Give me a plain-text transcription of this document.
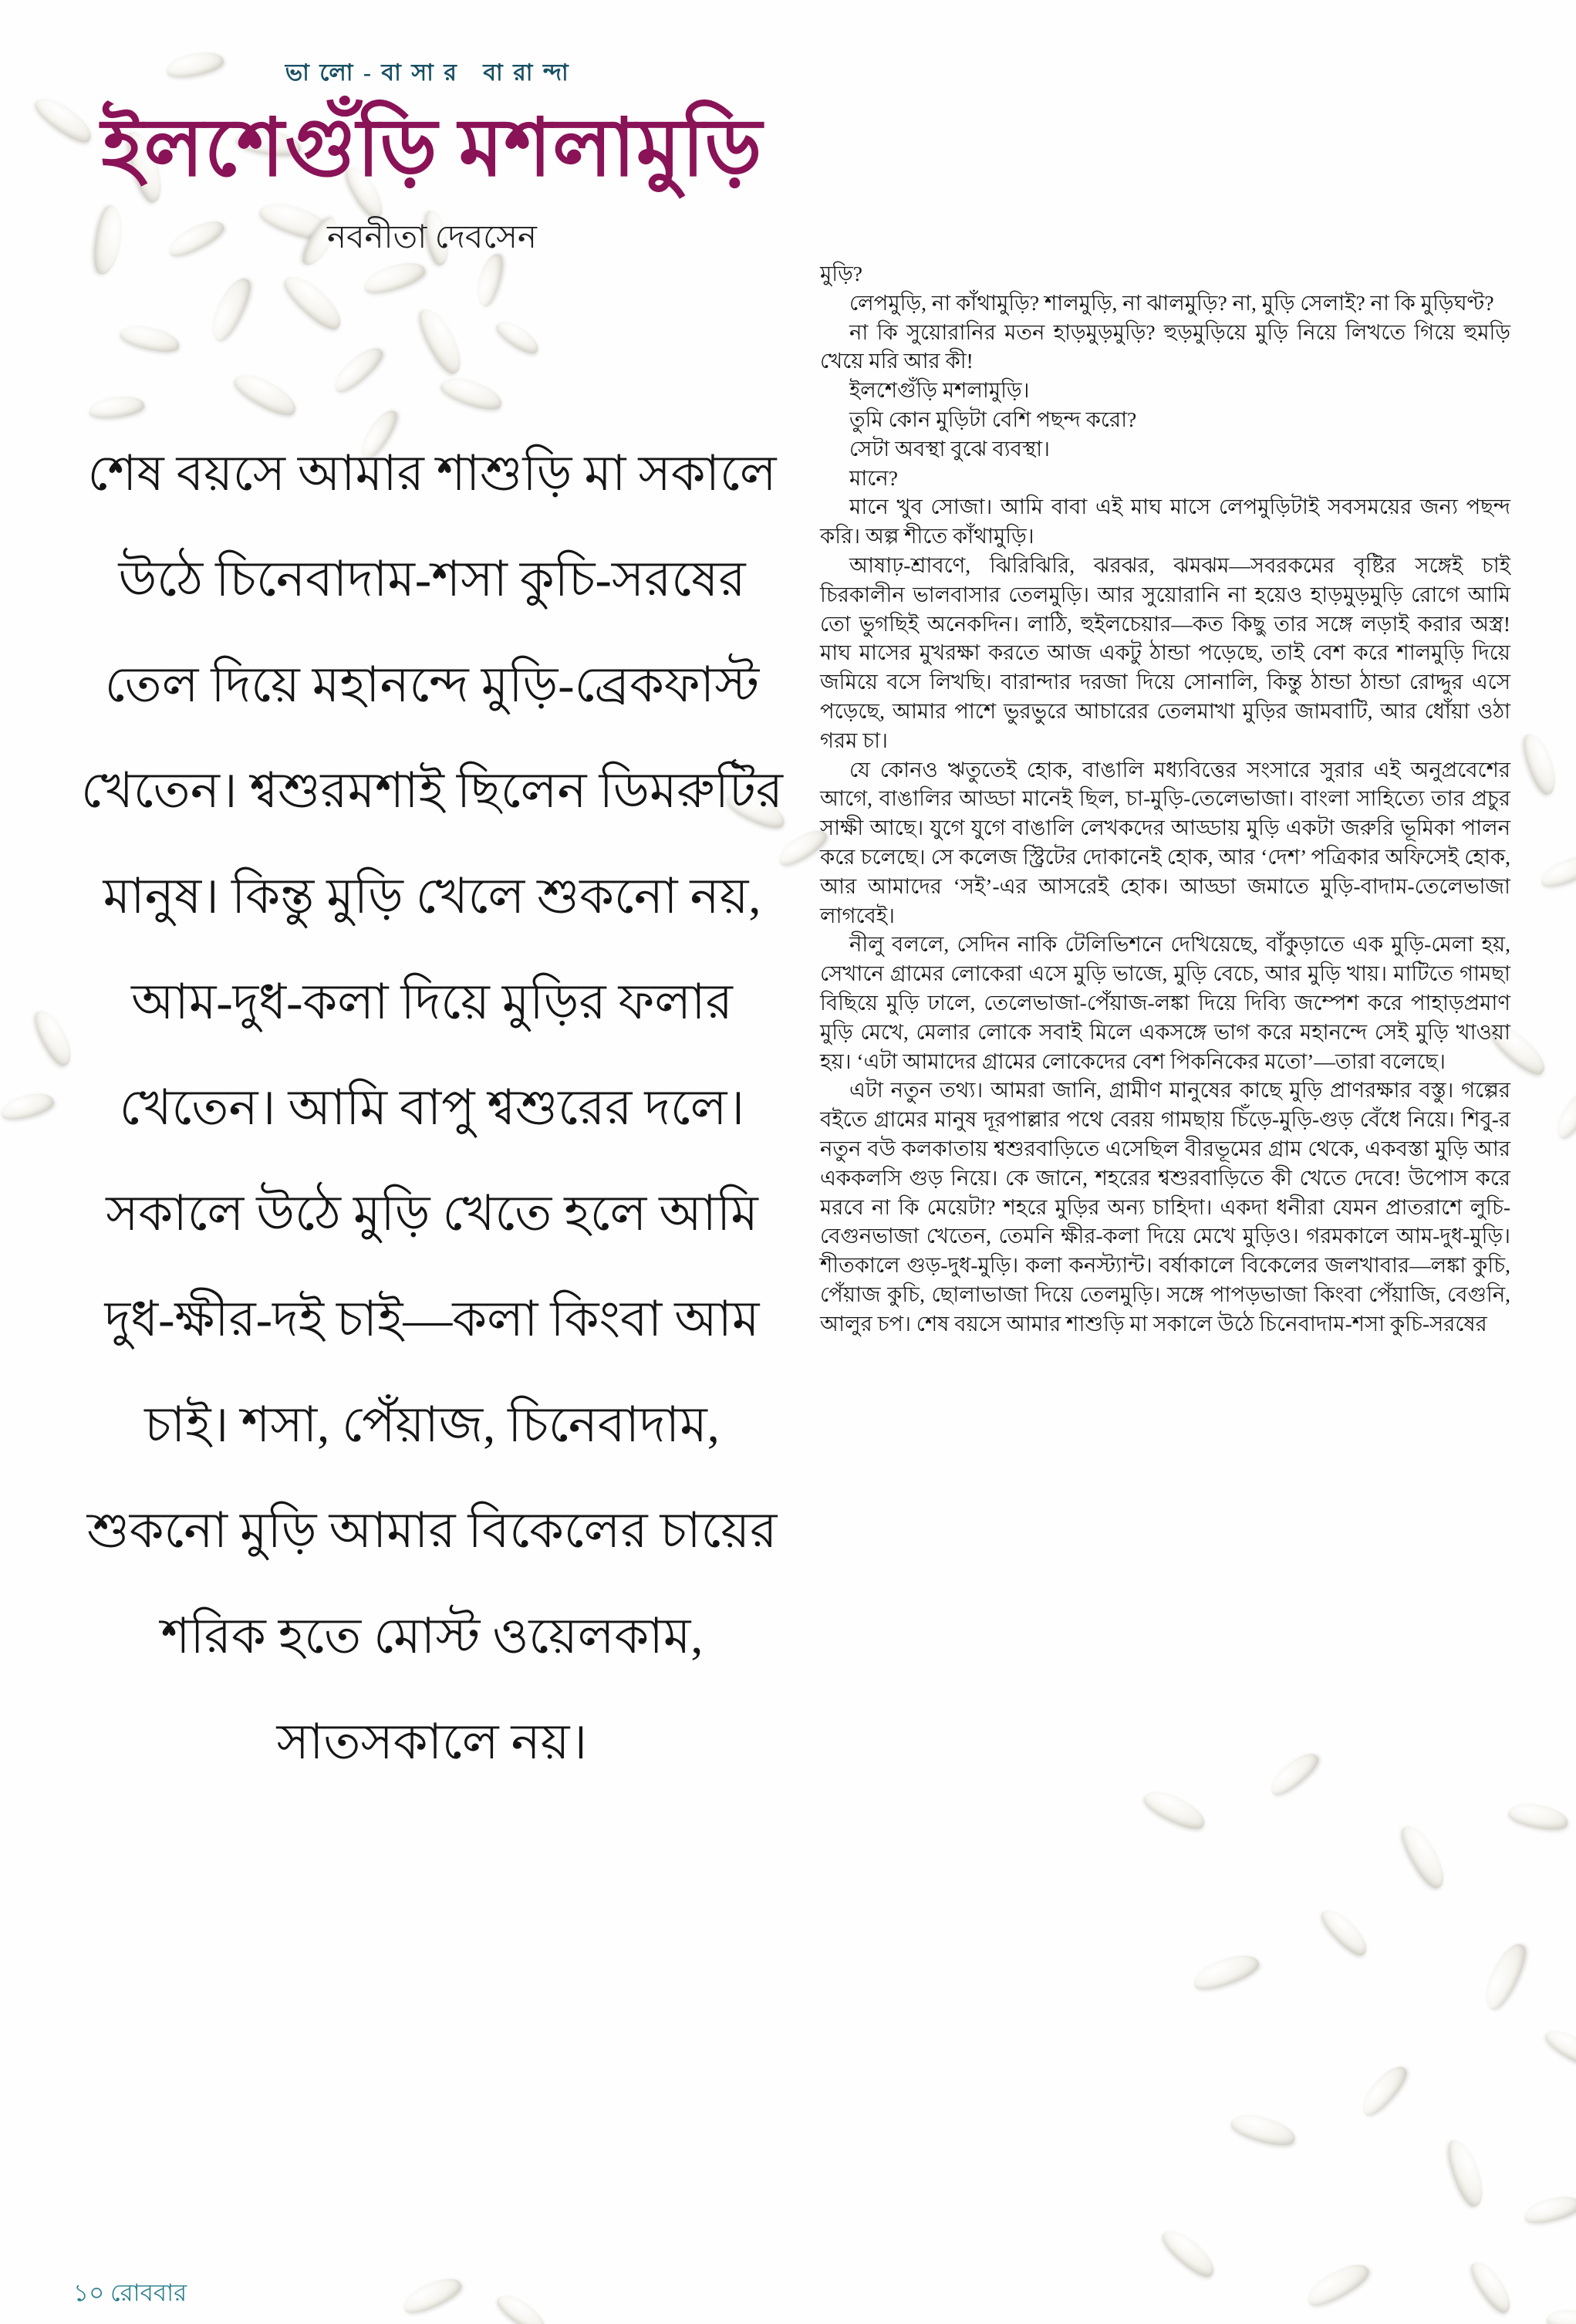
ভালো-বাসার বারান্দা
ইলশেগুঁড়ি মশলামুড়ি
নবনীতা দেবসেন
শেষ বয়সে আমার শাশুড়ি মা সকালে উঠে চিনেবাদাম-শসা কুচি-সরষের তেল দিয়ে মহানন্দে মুড়ি-ব্রেকফাস্ট খেতেন। শ্বশুরমশাই ছিলেন ডিমরুটির মানুষ। কিন্তু মুড়ি খেলে শুকনো নয়, আম-দুধ-কলা দিয়ে মুড়ির ফলার খেতেন। আমি বাপু শ্বশুরের দলে। সকালে উঠে মুড়ি খেতে হলে আমি দুধ-ক্ষীর-দই চাই—কলা কিংবা আম চাই। শসা, পেঁয়াজ, চিনেবাদাম, শুকনো মুড়ি আমার বিকেলের চায়ের শরিক হতে মোস্ট ওয়েলকাম, সাতসকালে নয়।

মুড়ি?

লেপমুড়ি, না কাঁথামুড়ি? শালমুড়ি, না ঝালমুড়ি? না, মুড়ি সেলাই? না কি মুড়িঘণ্ট?

না কি সুয়োরানির মতন হাড়মুড়মুড়ি? হুড়মুড়িয়ে মুড়ি নিয়ে লিখতে গিয়ে হুমড়ি খেয়ে মরি আর কী!

ইলশেগুঁড়ি মশলামুড়ি।

তুমি কোন মুড়িটা বেশি পছন্দ করো?

সেটা অবস্থা বুঝে ব্যবস্থা।

মানে?

মানে খুব সোজা। আমি বাবা এই মাঘ মাসে লেপমুড়িটাই সবসময়ের জন্য পছন্দ করি। অল্প শীতে কাঁথামুড়ি।

আষাঢ়-শ্রাবণে, ঝিরিঝিরি, ঝরঝর, ঝমঝম—সবরকমের বৃষ্টির সঙ্গেই চাই চিরকালীন ভালবাসার তেলমুড়ি। আর সুয়োরানি না হয়েও হাড়মুড়মুড়ি রোগে আমি তো ভুগছিই অনেকদিন। লাঠি, হুইলচেয়ার—কত কিছু তার সঙ্গে লড়াই করার অস্ত্র! মাঘ মাসের মুখরক্ষা করতে আজ একটু ঠান্ডা পড়েছে, তাই বেশ করে শালমুড়ি দিয়ে জমিয়ে বসে লিখছি। বারান্দার দরজা দিয়ে সোনালি, কিন্তু ঠান্ডা ঠান্ডা রোদ্দুর এসে পড়েছে, আমার পাশে ভুরভুরে আচারের তেলমাখা মুড়ির জামবাটি, আর ধোঁয়া ওঠা গরম চা।

যে কোনও ঋতুতেই হোক, বাঙালি মধ্যবিত্তের সংসারে সুরার এই অনুপ্রবেশের আগে, বাঙালির আড্ডা মানেই ছিল, চা-মুড়ি-তেলেভাজা। বাংলা সাহিত্যে তার প্রচুর সাক্ষী আছে। যুগে যুগে বাঙালি লেখকদের আড্ডায় মুড়ি একটা জরুরি ভূমিকা পালন করে চলেছে। সে কলেজ স্ট্রিটের দোকানেই হোক, আর ‘দেশ’ পত্রিকার অফিসেই হোক, আর আমাদের ‘সই’-এর আসরেই হোক। আড্ডা জমাতে মুড়ি-বাদাম-তেলেভাজা লাগবেই।

নীলু বললে, সেদিন নাকি টেলিভিশনে দেখিয়েছে, বাঁকুড়াতে এক মুড়ি-মেলা হয়, সেখানে গ্রামের লোকেরা এসে মুড়ি ভাজে, মুড়ি বেচে, আর মুড়ি খায়। মাটিতে গামছা বিছিয়ে মুড়ি ঢালে, তেলেভাজা-পেঁয়াজ-লঙ্কা দিয়ে দিব্যি জম্পেশ করে পাহাড়প্রমাণ মুড়ি মেখে, মেলার লোকে সবাই মিলে একসঙ্গে ভাগ করে মহানন্দে সেই মুড়ি খাওয়া হয়। ‘এটা আমাদের গ্রামের লোকেদের বেশ পিকনিকের মতো’—তারা বলেছে।

এটা নতুন তথ্য। আমরা জানি, গ্রামীণ মানুষের কাছে মুড়ি প্রাণরক্ষার বস্তু। গল্পের বইতে গ্রামের মানুষ দূরপাল্লার পথে বেরয় গামছায় চিঁড়ে-মুড়ি-গুড় বেঁধে নিয়ে। শিবু-র নতুন বউ কলকাতায় শ্বশুরবাড়িতে এসেছিল বীরভূমের গ্রাম থেকে, একবস্তা মুড়ি আর এককলসি গুড় নিয়ে। কে জানে, শহরের শ্বশুরবাড়িতে কী খেতে দেবে! উপোস করে মরবে না কি মেয়েটা? শহরে মুড়ির অন্য চাহিদা। একদা ধনীরা যেমন প্রাতরাশে লুচি-বেগুনভাজা খেতেন, তেমনি ক্ষীর-কলা দিয়ে মেখে মুড়িও। গরমকালে আম-দুধ-মুড়ি। শীতকালে গুড়-দুধ-মুড়ি। কলা কনস্ট্যান্ট। বর্ষাকালে বিকেলের জলখাবার—লঙ্কা কুচি, পেঁয়াজ কুচি, ছোলাভাজা দিয়ে তেলমুড়ি। সঙ্গে পাপড়ভাজা কিংবা পেঁয়াজি, বেগুনি, আলুর চপ। শেষ বয়সে আমার শাশুড়ি মা সকালে উঠে চিনেবাদাম-শসা কুচি-সরষের

১০ রোববার
